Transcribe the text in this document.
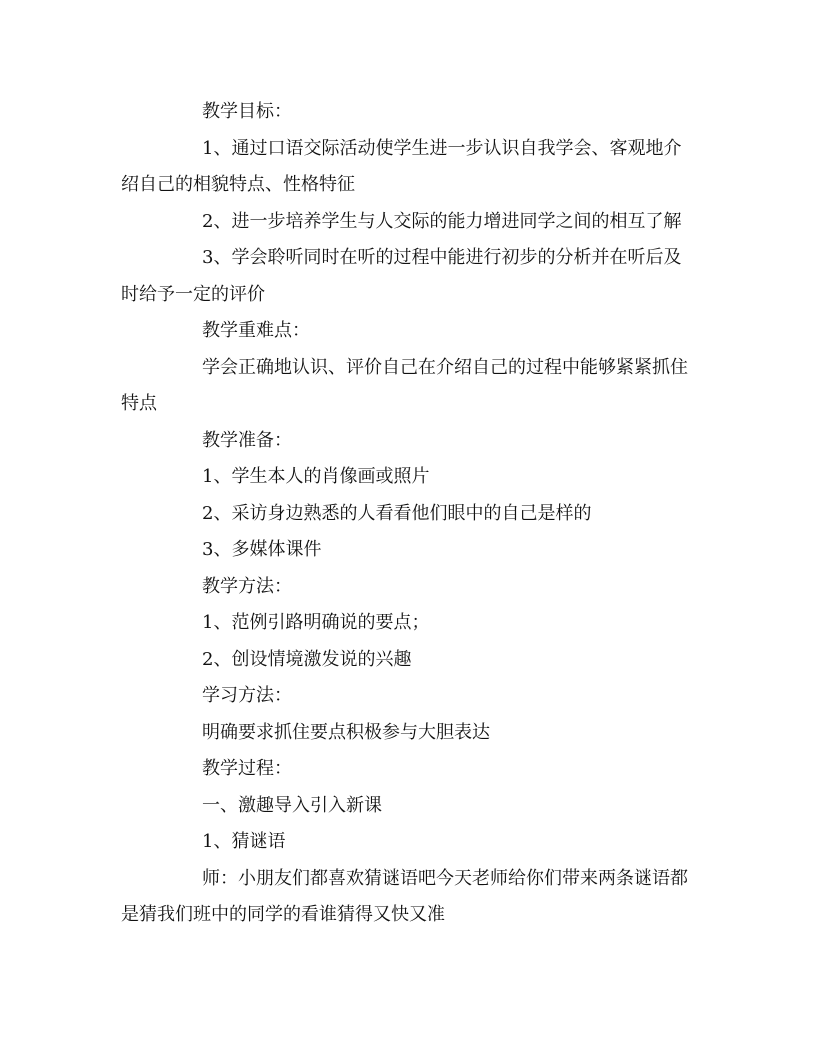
教学目标：

1、通过口语交际活动使学生进一步认识自我学会、客观地介绍自己的相貌特点、性格特征

2、进一步培养学生与人交际的能力增进同学之间的相互了解

3、学会聆听同时在听的过程中能进行初步的分析并在听后及时给予一定的评价

教学重难点：

学会正确地认识、评价自己在介绍自己的过程中能够紧紧抓住特点

教学准备：

1、学生本人的肖像画或照片

2、采访身边熟悉的人看看他们眼中的自己是样的

3、多媒体课件

教学方法：

1、范例引路明确说的要点；

2、创设情境激发说的兴趣

学习方法：

明确要求抓住要点积极参与大胆表达

教学过程：

一、激趣导入引入新课

1、猜谜语

师：小朋友们都喜欢猜谜语吧今天老师给你们带来两条谜语都是猜我们班中的同学的看谁猜得又快又准
